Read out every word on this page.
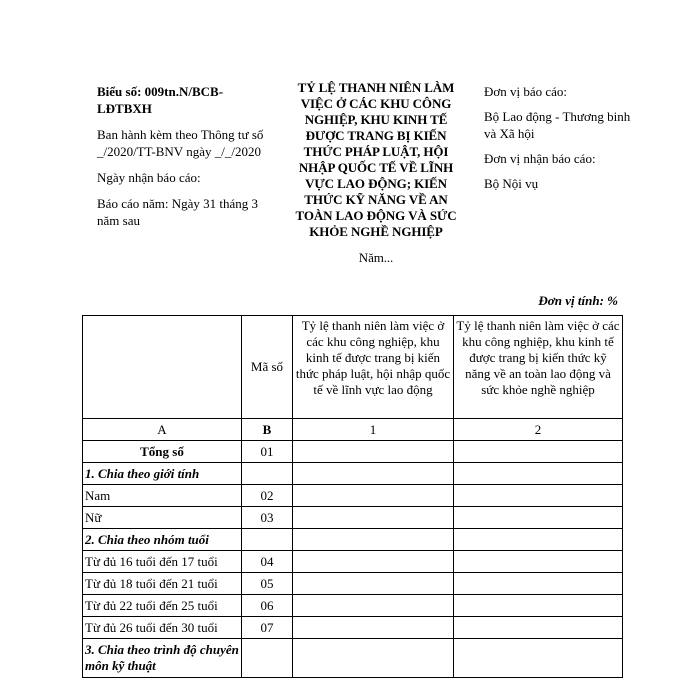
Biểu số: 009tn.N/BCB-LĐTBXH

Ban hành kèm theo Thông tư số _/2020/TT-BNV ngày _/_/2020

Ngày nhận báo cáo:

Báo cáo năm: Ngày 31 tháng 3 năm sau

TỶ LỆ THANH NIÊN LÀM VIỆC Ở CÁC KHU CÔNG NGHIỆP, KHU KINH TẾ ĐƯỢC TRANG BỊ KIẾN THỨC PHÁP LUẬT, HỘI NHẬP QUỐC TẾ VỀ LĨNH VỰC LAO ĐỘNG; KIẾN THỨC KỸ NĂNG VỀ AN TOÀN LAO ĐỘNG VÀ SỨC KHỎE NGHỀ NGHIỆP
Năm...

Đơn vị báo cáo:

Bộ Lao động - Thương binh và Xã hội

Đơn vị nhận báo cáo:

Bộ Nội vụ

Đơn vị tính: %
	Mã số	Tỷ lệ thanh niên làm việc ở các khu công nghiệp, khu kinh tế được trang bị kiến thức pháp luật, hội nhập quốc tế về lĩnh vực lao động	Tỷ lệ thanh niên làm việc ở các khu công nghiệp, khu kinh tế được trang bị kiến thức kỹ năng về an toàn lao động và sức khỏe nghề nghiệp
A	B	1	2
Tổng số	01		
1. Chia theo giới tính			
Nam	02		
Nữ	03		
2. Chia theo nhóm tuổi			
Từ đủ 16 tuổi đến 17 tuổi	04		
Từ đủ 18 tuổi đến 21 tuổi	05		
Từ đủ 22 tuổi đến 25 tuổi	06		
Từ đủ 26 tuổi đến 30 tuổi	07		
3. Chia theo trình độ chuyên môn kỹ thuật			
